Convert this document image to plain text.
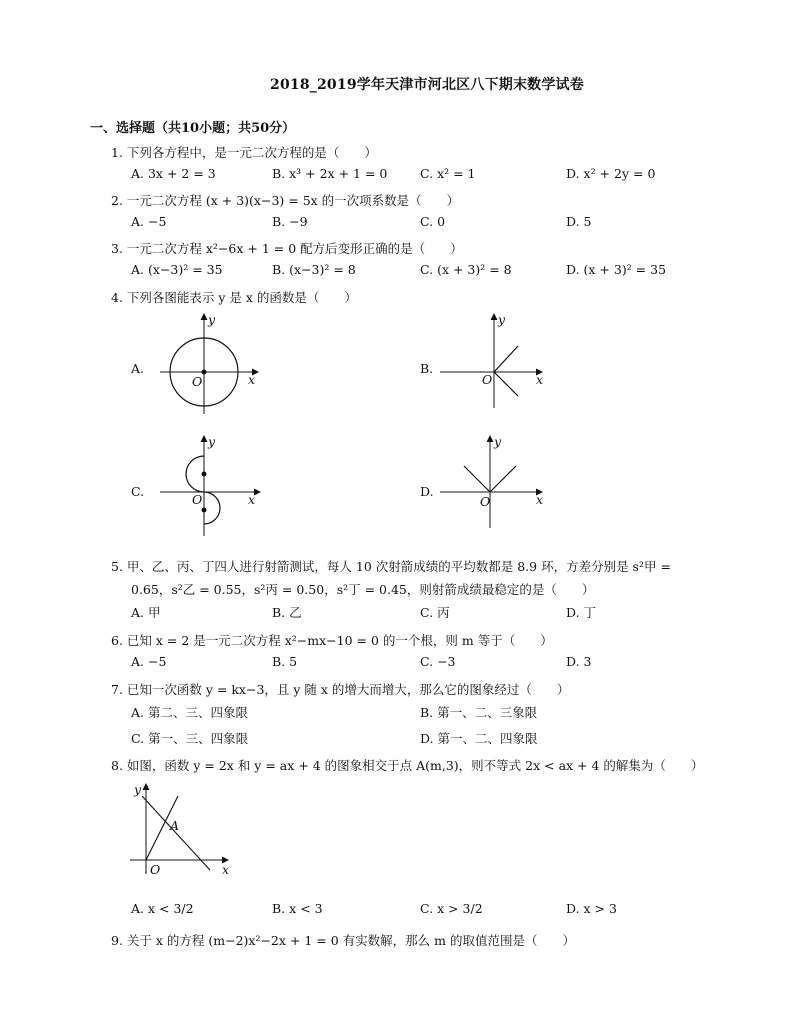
2018_2019学年天津市河北区八下期末数学试卷
一、选择题（共10小题；共50分）
1. 下列各方程中，是一元二次方程的是（　　）
A. 3x + 2 = 3	B. x³ + 2x + 1 = 0	C. x² = 1	D. x² + 2y = 0
2. 一元二次方程 (x + 3)(x−3) = 5x 的一次项系数是（　　）
A. −5	B. −9	C. 0	D. 5
3. 一元二次方程 x²−6x + 1 = 0 配方后变形正确的是（　　）
A. (x−3)² = 35	B. (x−3)² = 8	C. (x + 3)² = 8	D. (x + 3)² = 35
4. 下列各图能表示 y 是 x 的函数是（　　）
A.	B.
C.	D.
y
x
O
y
x
O
y
x
O
y
x
O
5. 甲、乙、丙、丁四人进行射箭测试，每人 10 次射箭成绩的平均数都是 8.9 环，方差分别是 s²甲 =
0.65，s²乙 = 0.55，s²丙 = 0.50，s²丁 = 0.45，则射箭成绩最稳定的是（　　）
A. 甲	B. 乙	C. 丙	D. 丁
6. 已知 x = 2 是一元二次方程 x²−mx−10 = 0 的一个根，则 m 等于（　　）
A. −5	B. 5	C. −3	D. 3
7. 已知一次函数 y = kx−3，且 y 随 x 的增大而增大，那么它的图象经过（　　）
A. 第二、三、四象限	B. 第一、二、三象限
C. 第一、三、四象限	D. 第一、二、四象限
8. 如图，函数 y = 2x 和 y = ax + 4 的图象相交于点 A(m,3)，则不等式 2x < ax + 4 的解集为（　　）
y
x
O
A
A. x < 3/2	B. x < 3	C. x > 3/2	D. x > 3
9. 关于 x 的方程 (m−2)x²−2x + 1 = 0 有实数解，那么 m 的取值范围是（　　）
